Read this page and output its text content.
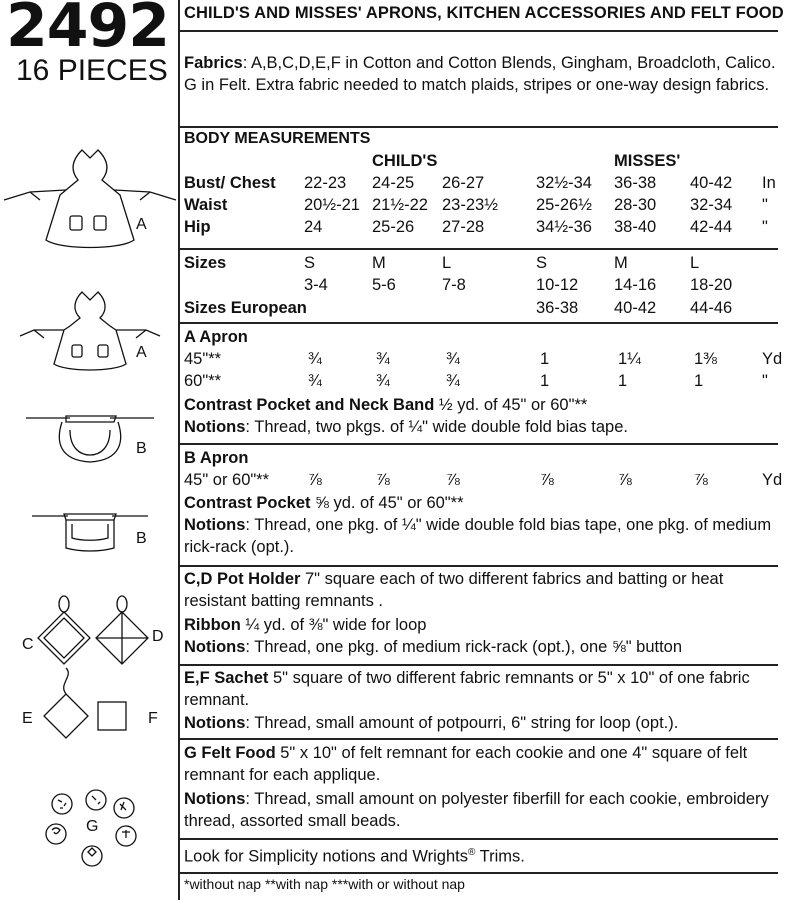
2492
16 PIECES
CHILD'S AND MISSES' APRONS, KITCHEN ACCESSORIES AND FELT FOOD
Fabrics: A,B,C,D,E,F in Cotton and Cotton Blends, Gingham, Broadcloth, Calico.
G in Felt. Extra fabric needed to match plaids, stripes or one-way design fabrics.
BODY MEASUREMENTS
CHILD'S	MISSES'
Bust/ Chest 22-23 24-25 26-27	32½-34 36-38 40-42 In
Waist	20½-21 21½-22 23-23½ 25-26½ 28-30 32-34 "
Hip	24	25-26 27-28	34½-36 38-40 42-44 "
Sizes	S	M	L	S	M	L
3-4	5-6	7-8	10-12 14-16 18-20
Sizes European	36-38 40-42 44-46
A Apron
45"**	¾	¾	¾	1	1¼	1⅜	Yd
60"**	¾	¾	¾	1	1	1	"
Contrast Pocket and Neck Band ½ yd. of 45" or 60"**
Notions: Thread, two pkgs. of ¼" wide double fold bias tape.
B Apron
45" or 60"** ⅞	⅞	⅞	⅞	⅞	⅞	Yd
Contrast Pocket ⅝ yd. of 45" or 60"**
Notions: Thread, one pkg. of ¼" wide double fold bias tape, one pkg. of medium rick-rack (opt.).
C,D Pot Holder 7" square each of two different fabrics and batting or heat resistant batting remnants .
Ribbon ¼ yd. of ⅜" wide for loop
Notions: Thread, one pkg. of medium rick-rack (opt.), one ⅝" button
E,F Sachet 5" square of two different fabric remnants or 5" x 10" of one fabric remnant.
Notions: Thread, small amount of potpourri, 6" string for loop (opt.).
G Felt Food 5" x 10" of felt remnant for each cookie and one 4" square of felt remnant for each applique.
Notions: Thread, small amount on polyester fiberfill for each cookie, embroidery thread, assorted small beads.
Look for Simplicity notions and Wrights® Trims.
*without nap **with nap ***with or without nap
A
A
B
B
C	D
E	F
G
